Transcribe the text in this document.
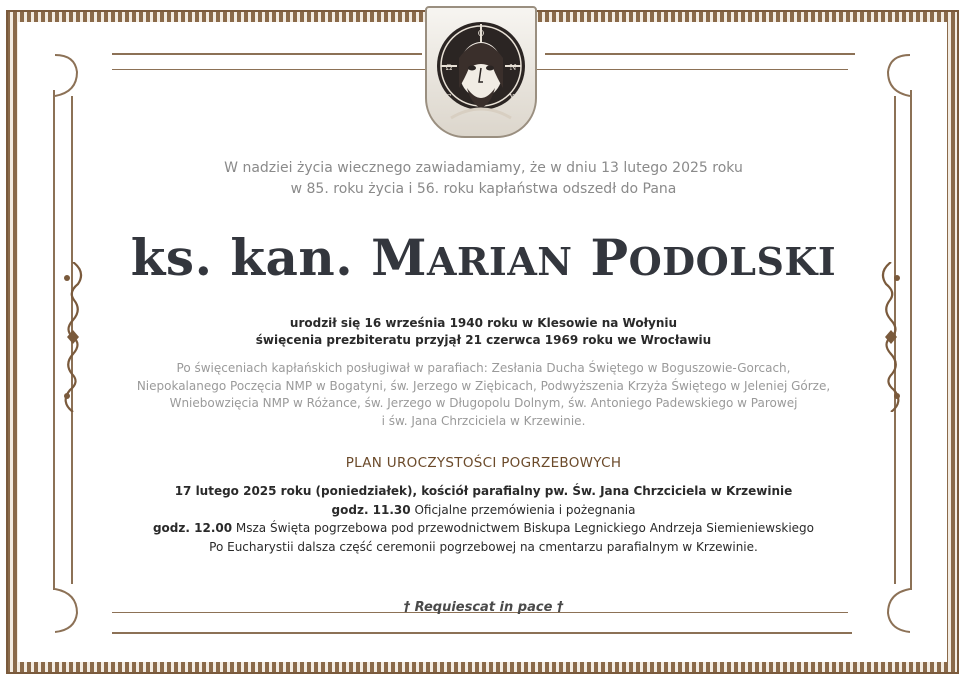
Ο
Ω	Ν
IC	XC
W nadziei życia wiecznego zawiadamiamy, że w dniu 13 lutego 2025 roku
w 85. roku życia i 56. roku kapłaństwa odszedł do Pana
ks. kan. MARIAN PODOLSKI
urodził się 16 września 1940 roku w Klesowie na Wołyniu
święcenia prezbiteratu przyjął 21 czerwca 1969 roku we Wrocławiu
Po święceniach kapłańskich posługiwał w parafiach: Zesłania Ducha Świętego w Boguszowie-Gorcach,
Niepokalanego Poczęcia NMP w Bogatyni, św. Jerzego w Ziębicach, Podwyższenia Krzyża Świętego w Jeleniej Górze,
Wniebowzięcia NMP w Różance, św. Jerzego w Długopolu Dolnym, św. Antoniego Padewskiego w Parowej
i św. Jana Chrzciciela w Krzewinie.
PLAN UROCZYSTOŚCI POGRZEBOWYCH
17 lutego 2025 roku (poniedziałek), kościół parafialny pw. Św. Jana Chrzciciela w Krzewinie
godz. 11.30 Oficjalne przemówienia i pożegnania
godz. 12.00 Msza Święta pogrzebowa pod przewodnictwem Biskupa Legnickiego Andrzeja Siemieniewskiego
Po Eucharystii dalsza część ceremonii pogrzebowej na cmentarzu parafialnym w Krzewinie.
† Requiescat in pace †
